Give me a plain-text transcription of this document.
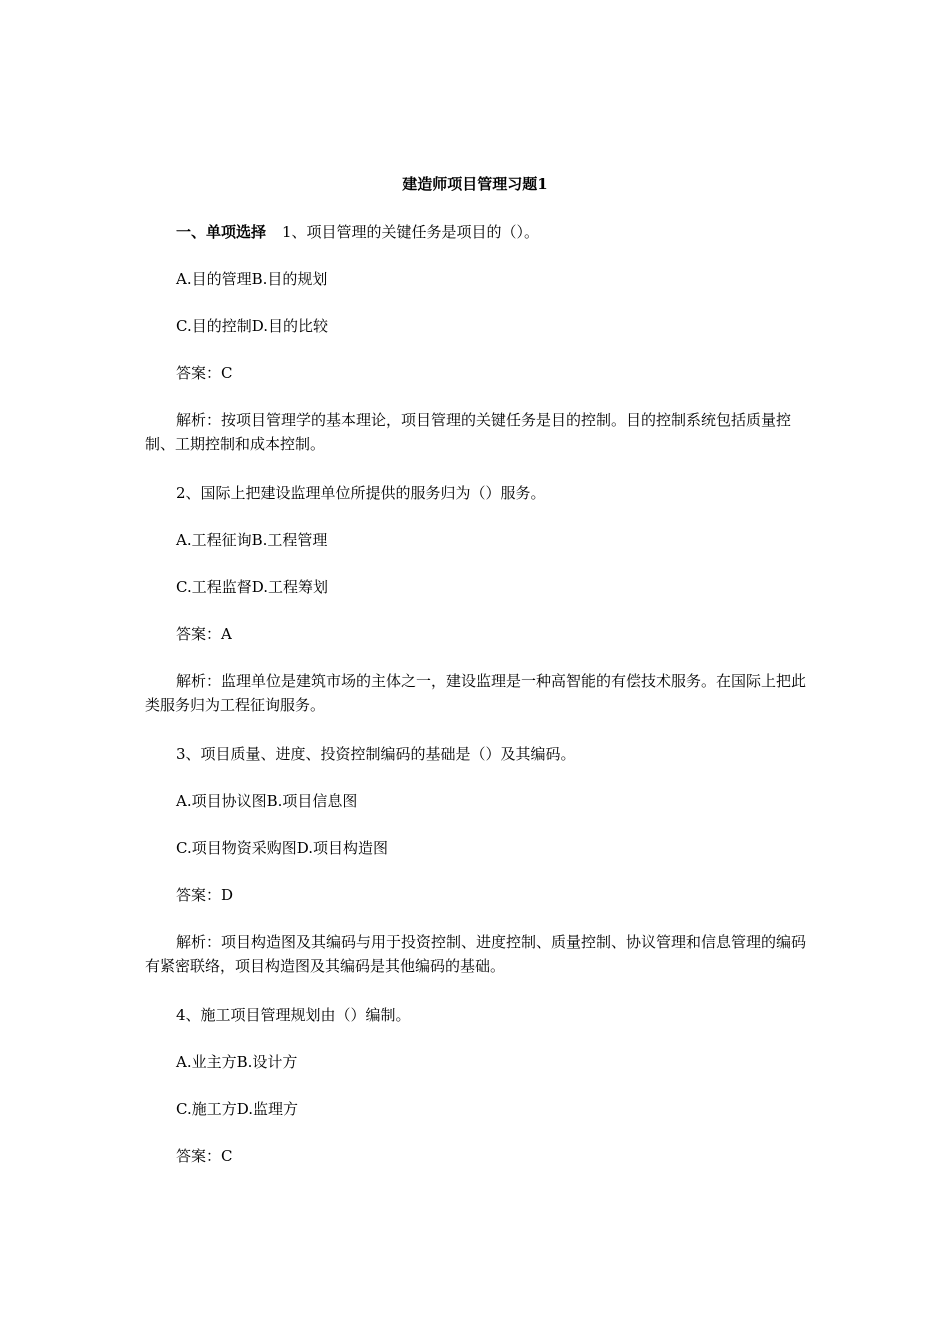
建造师项目管理习题1
一、单项选择 1、项目管理的关键任务是项目的（）。
A.目的管理B.目的规划
C.目的控制D.目的比较
答案：C
解析：按项目管理学的基本理论，项目管理的关键任务是目的控制。目的控制系统包括质量控制、工期控制和成本控制。
2、国际上把建设监理单位所提供的服务归为（）服务。
A.工程征询B.工程管理
C.工程监督D.工程筹划
答案：A
解析：监理单位是建筑市场的主体之一，建设监理是一种高智能的有偿技术服务。在国际上把此类服务归为工程征询服务。
3、项目质量、进度、投资控制编码的基础是（）及其编码。
A.项目协议图B.项目信息图
C.项目物资采购图D.项目构造图
答案：D
解析：项目构造图及其编码与用于投资控制、进度控制、质量控制、协议管理和信息管理的编码有紧密联络，项目构造图及其编码是其他编码的基础。
4、施工项目管理规划由（）编制。
A.业主方B.设计方
C.施工方D.监理方
答案：C
